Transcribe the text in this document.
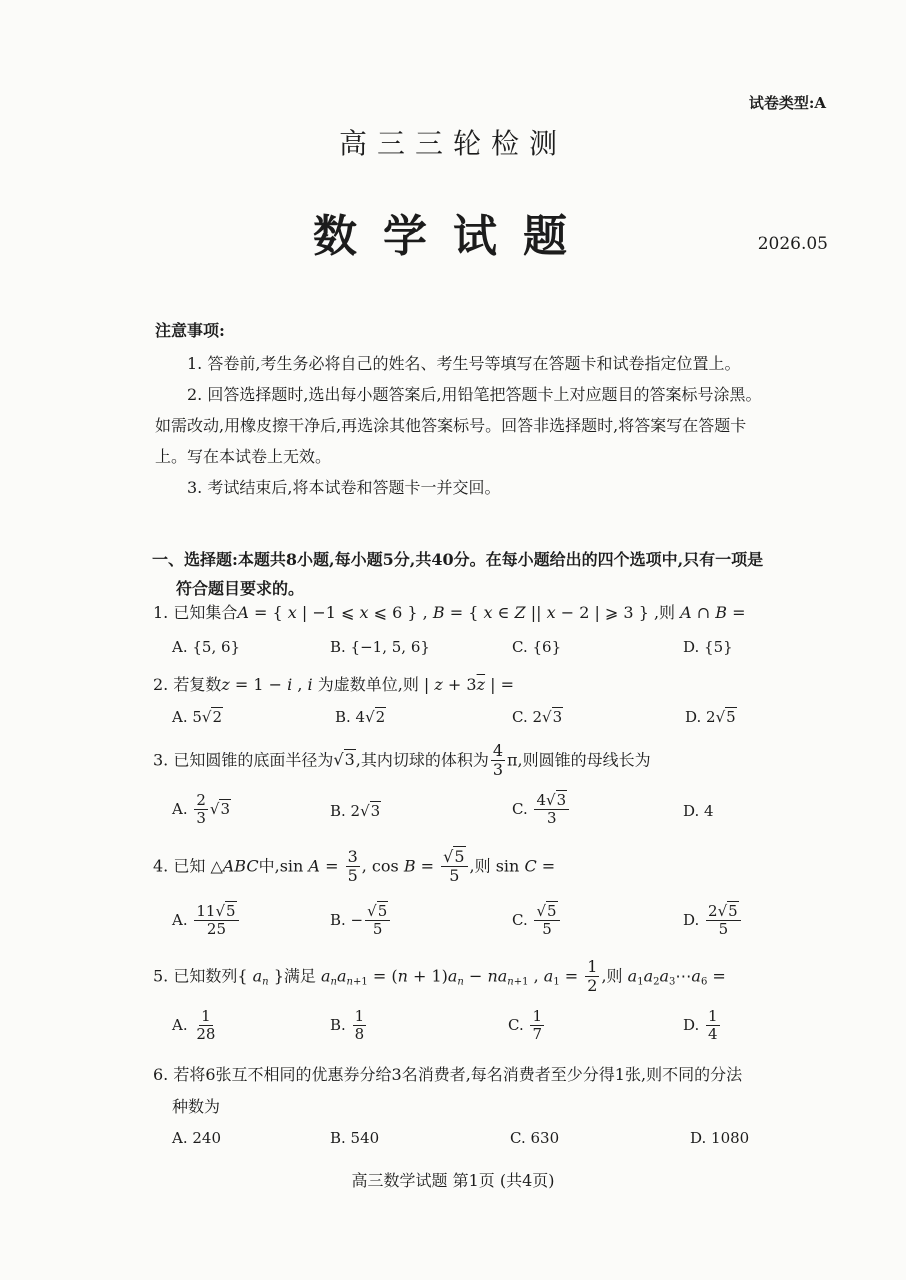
试卷类型:A
高三三轮检测
数学试题	2026.05
注意事项:

1. 答卷前,考生务必将自己的姓名、考生号等填写在答题卡和试卷指定位置上。

2. 回答选择题时,选出每小题答案后,用铅笔把答题卡上对应题目的答案标号涂黑。

如需改动,用橡皮擦干净后,再选涂其他答案标号。回答非选择题时,将答案写在答题卡

上。写在本试卷上无效。

3. 考试结束后,将本试卷和答题卡一并交回。

一、选择题:本题共8小题,每小题5分,共40分。在每小题给出的四个选项中,只有一项是
符合题目要求的。
1. 已知集合A = { x | −1 ⩽ x ⩽ 6 } , B = { x ∈ Z || x − 2 | ⩾ 3 } ,则 A ∩ B =
A. {5, 6}	B. {−1, 5, 6}	C. {6}	D. {5}
2. 若复数z = 1 − i , i 为虚数单位,则 | $z + 3\overline{z}$ | =
A. 5√2	B. 4√2	C. 2√3	D. 2√5
3. 已知圆锥的底面半径为√3,其内切球的体积为 $\frac{4}{3} \pi$,则圆锥的母线长为
A. $\frac{2}{3} √3$	B. 2√3	C. $\frac{4√3}{3}$	D. 4
4. 已知 △ABC中,sin $A = \frac{3}{5}$ , $\cos B = \frac{√5}{5}$ ,则 sin C =
A. $\frac{11√5}{25}$	B. − $\frac{√5}{5}$	C. $\frac{√5}{5}$	D. $\frac{2√5}{5}$
5. 已知数列{ $a_n$ }满足 $a_na_{n+1} = (n + 1)a_n - na_{n+1}$ , $a_1 = \frac{1}{2}$ ,则 $a_1a_2a_3\cdots a_6$ =
A. $\frac{1}{28}$	B. $\frac{1}{8}$	C. $\frac{1}{7}$	D. $\frac{1}{4}$
6. 若将6张互不相同的优惠券分给3名消费者,每名消费者至少分得1张,则不同的分法
种数为
A. 240	B. 540	C. 630	D. 1080
高三数学试题 第1页 (共4页)
